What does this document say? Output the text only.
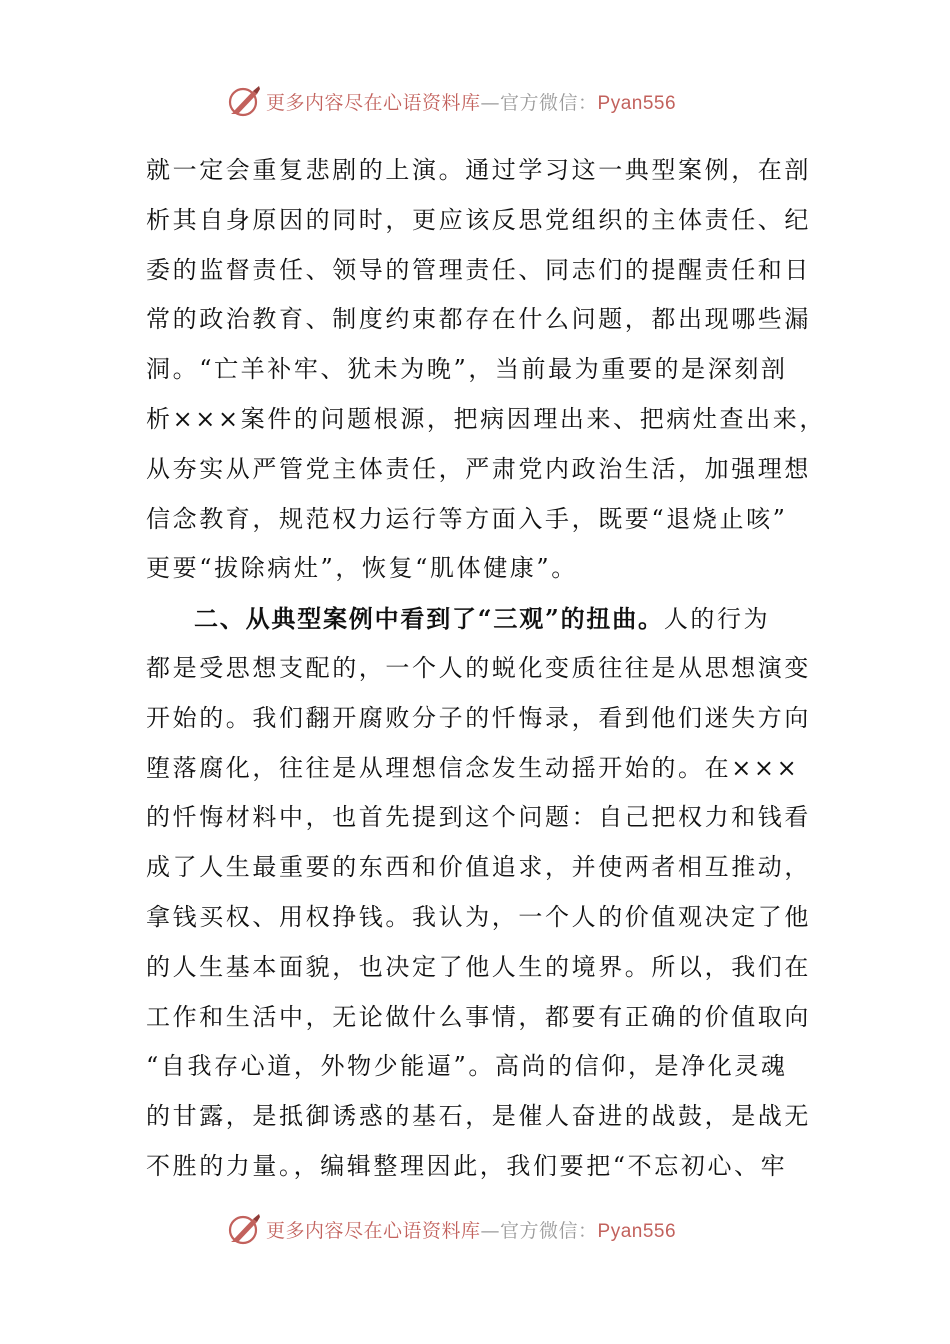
更多内容尽在心语资料库—官方微信：Pyan556
就一定会重复悲剧的上演。通过学习这一典型案例，在剖
析其自身原因的同时，更应该反思党组织的主体责任、纪
委的监督责任、领导的管理责任、同志们的提醒责任和日
常的政治教育、制度约束都存在什么问题，都出现哪些漏
洞。“亡羊补牢、犹未为晚”，当前最为重要的是深刻剖
析×××案件的问题根源，把病因理出来、把病灶查出来，
从夯实从严管党主体责任，严肃党内政治生活，加强理想
信念教育，规范权力运行等方面入手，既要“退烧止咳”
更要“拔除病灶”，恢复“肌体健康”。
二、从典型案例中看到了“三观”的扭曲。人的行为
都是受思想支配的，一个人的蜕化变质往往是从思想演变
开始的。我们翻开腐败分子的忏悔录，看到他们迷失方向
堕落腐化，往往是从理想信念发生动摇开始的。在×××
的忏悔材料中，也首先提到这个问题：自己把权力和钱看
成了人生最重要的东西和价值追求，并使两者相互推动，
拿钱买权、用权挣钱。我认为，一个人的价值观决定了他
的人生基本面貌，也决定了他人生的境界。所以，我们在
工作和生活中，无论做什么事情，都要有正确的价值取向
“自我存心道，外物少能逼”。高尚的信仰，是净化灵魂
的甘露，是抵御诱惑的基石，是催人奋进的战鼓，是战无
不胜的力量。，编辑整理因此，我们要把“不忘初心、牢
更多内容尽在心语资料库—官方微信：Pyan556
